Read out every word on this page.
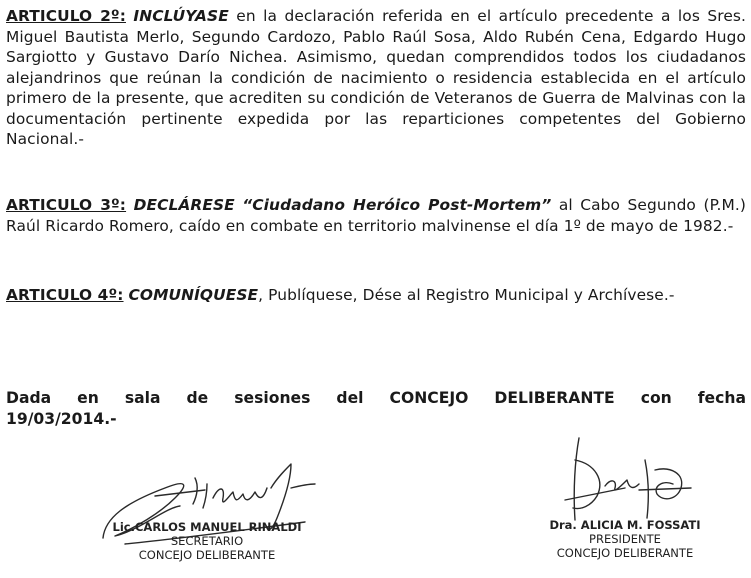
ARTICULO 2º: INCLÚYASE en la declaración referida en el artículo precedente a los Sres. Miguel Bautista Merlo, Segundo Cardozo, Pablo Raúl Sosa, Aldo Rubén Cena, Edgardo Hugo Sargiotto y Gustavo Darío Nichea. Asimismo, quedan comprendidos todos los ciudadanos alejandrinos que reúnan la condición de nacimiento o residencia establecida en el artículo primero de la presente, que acrediten su condición de Veteranos de Guerra de Malvinas con la documentación pertinente expedida por las reparticiones competentes del Gobierno Nacional.-
ARTICULO 3º: DECLÁRESE “Ciudadano Heróico Post-Mortem” al Cabo Segundo (P.M.) Raúl Ricardo Romero, caído en combate en territorio malvinense el día 1º de mayo de 1982.-
ARTICULO 4º: COMUNÍQUESE, Publíquese, Dése al Registro Municipal y Archívese.-
Dada en sala de sesiones del CONCEJO DELIBERANTE con fecha
19/03/2014.-
Lic.CARLOS MANUEL RINALDI
SECRETARIO
CONCEJO DELIBERANTE
Dra. ALICIA M. FOSSATI
PRESIDENTE
CONCEJO DELIBERANTE
